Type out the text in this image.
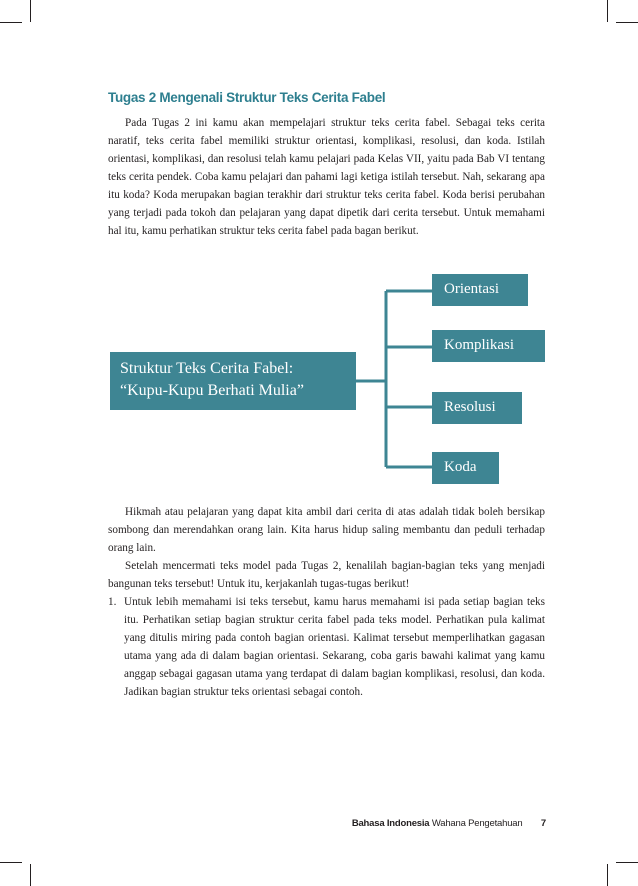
Tugas 2 Mengenali Struktur Teks Cerita Fabel

Pada Tugas 2 ini kamu akan mempelajari struktur teks cerita fabel. Sebagai teks cerita naratif, teks cerita fabel memiliki struktur orientasi, komplikasi, resolusi, dan koda. Istilah orientasi, komplikasi, dan resolusi telah kamu pelajari pada Kelas VII, yaitu pada Bab VI tentang teks cerita pendek. Coba kamu pelajari dan pahami lagi ketiga istilah tersebut. Nah, sekarang apa itu koda? Koda merupakan bagian terakhir dari struktur teks cerita fabel. Koda berisi perubahan yang terjadi pada tokoh dan pelajaran yang dapat dipetik dari cerita tersebut. Untuk memahami hal itu, kamu perhatikan struktur teks cerita fabel pada bagan berikut.

Struktur Teks Cerita Fabel:
“Kupu-Kupu Berhati Mulia”
Orientasi
Komplikasi
Resolusi
Koda

Hikmah atau pelajaran yang dapat kita ambil dari cerita di atas adalah tidak boleh bersikap sombong dan merendahkan orang lain. Kita harus hidup saling membantu dan peduli terhadap orang lain.

Setelah mencermati teks model pada Tugas 2, kenalilah bagian-bagian teks yang menjadi bangunan teks tersebut! Untuk itu, kerjakanlah tugas-tugas berikut!

1. Untuk lebih memahami isi teks tersebut, kamu harus memahami isi pada setiap bagian teks itu. Perhatikan setiap bagian struktur cerita fabel pada teks model. Perhatikan pula kalimat yang ditulis miring pada contoh bagian orientasi. Kalimat tersebut memperlihatkan gagasan utama yang ada di dalam bagian orientasi. Sekarang, coba garis bawahi kalimat yang kamu anggap sebagai gagasan utama yang terdapat di dalam bagian komplikasi, resolusi, dan koda. Jadikan bagian struktur teks orientasi sebagai contoh.
Bahasa Indonesia Wahana Pengetahuan 7
